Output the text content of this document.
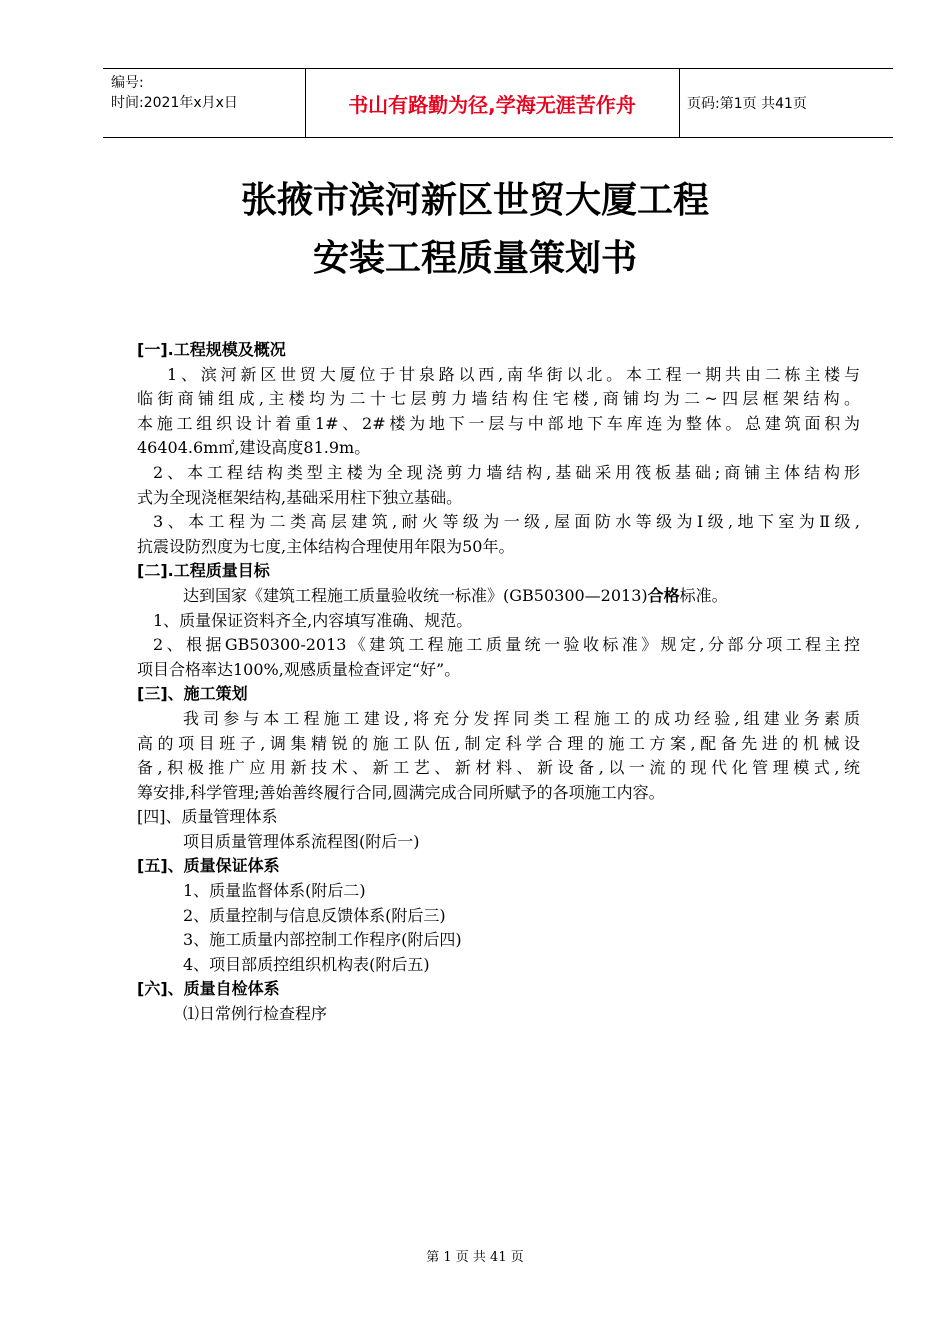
编号:
时间:2021年x月x日	书山有路勤为径,学海无涯苦作舟	页码:第1页 共41页
张掖市滨河新区世贸大厦工程
安装工程质量策划书
[一].工程规模及概况
1、滨河新区世贸大厦位于甘泉路以西,南华街以北。本工程一期共由二栋主楼与
临街商铺组成,主楼均为二十七层剪力墙结构住宅楼,商铺均为二~四层框架结构。
本施工组织设计着重1#、2#楼为地下一层与中部地下车库连为整体。总建筑面积为
46404.6m㎡,建设高度81.9m。
2、本工程结构类型主楼为全现浇剪力墙结构,基础采用筏板基础;商铺主体结构形
式为全现浇框架结构,基础采用柱下独立基础。
3、本工程为二类高层建筑,耐火等级为一级,屋面防水等级为Ⅰ级,地下室为Ⅱ级,
抗震设防烈度为七度,主体结构合理使用年限为50年。
[二].工程质量目标
达到国家《建筑工程施工质量验收统一标准》(GB50300—2013)合格标准。
1、质量保证资料齐全,内容填写准确、规范。
2、根据GB50300-2013《建筑工程施工质量统一验收标准》规定,分部分项工程主控
项目合格率达100%,观感质量检查评定“好”。
[三]、施工策划
我司参与本工程施工建设,将充分发挥同类工程施工的成功经验,组建业务素质
高的项目班子,调集精锐的施工队伍,制定科学合理的施工方案,配备先进的机械设
备,积极推广应用新技术、新工艺、新材料、新设备,以一流的现代化管理模式,统
筹安排,科学管理;善始善终履行合同,圆满完成合同所赋予的各项施工内容。
[四]、质量管理体系
项目质量管理体系流程图(附后一)
[五]、质量保证体系
1、质量监督体系(附后二)
2、质量控制与信息反馈体系(附后三)
3、施工质量内部控制工作程序(附后四)
4、项目部质控组织机构表(附后五)
[六]、质量自检体系
⑴日常例行检查程序
第 1 页 共 41 页
